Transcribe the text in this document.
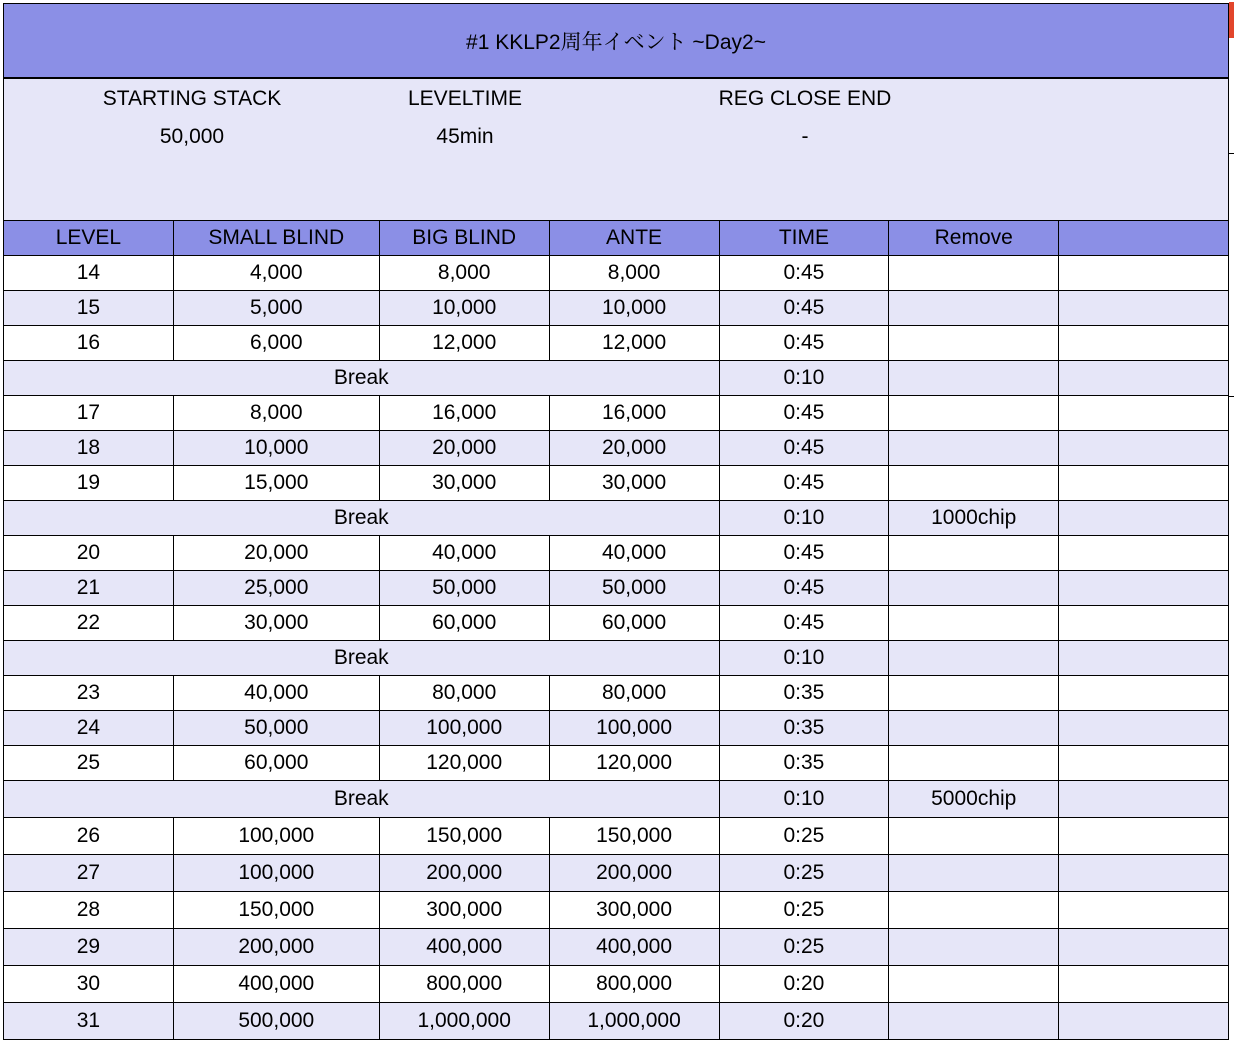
#1 KKLP2周年イベント ~Day2~
STARTING STACK
50,000
LEVELTIME
45min
REG CLOSE END
-
LEVEL	SMALL BLIND	BIG BLIND	ANTE	TIME	Remove	
14	4,000	8,000	8,000	0:45		
15	5,000	10,000	10,000	0:45		
16	6,000	12,000	12,000	0:45		
Break				0:10		
17	8,000	16,000	16,000	0:45		
18	10,000	20,000	20,000	0:45		
19	15,000	30,000	30,000	0:45		
Break				0:10	1000chip	
20	20,000	40,000	40,000	0:45		
21	25,000	50,000	50,000	0:45		
22	30,000	60,000	60,000	0:45		
Break				0:10		
23	40,000	80,000	80,000	0:35		
24	50,000	100,000	100,000	0:35		
25	60,000	120,000	120,000	0:35		
Break				0:10	5000chip	
26	100,000	150,000	150,000	0:25		
27	100,000	200,000	200,000	0:25		
28	150,000	300,000	300,000	0:25		
29	200,000	400,000	400,000	0:25		
30	400,000	800,000	800,000	0:20		
31	500,000	1,000,000	1,000,000	0:20		
